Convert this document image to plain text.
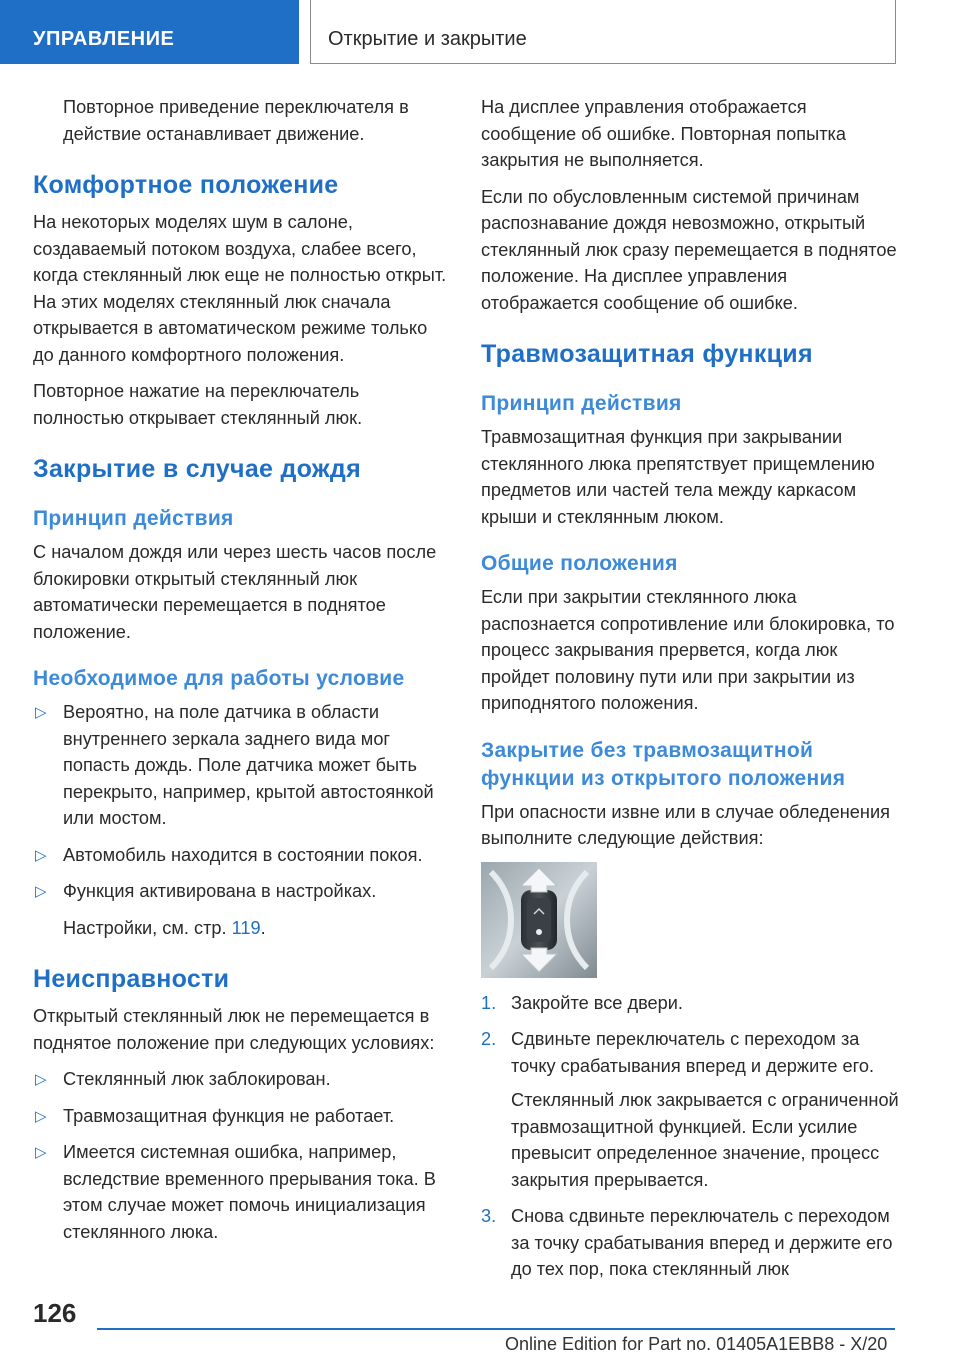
УПРАВЛЕНИЕ	Открытие и закрытие

Повторное приведение переключателя в действие останавливает движение.

Комфортное положение

На некоторых моделях шум в салоне, создаваемый потоком воздуха, слабее всего, когда стеклянный люк еще не полностью открыт. На этих моделях стеклянный люк сначала открывается в автоматическом режиме только до данного комфортного положения.

Повторное нажатие на переключатель полностью открывает стеклянный люк.

Закрытие в случае дождя
Принцип действия

С началом дождя или через шесть часов после блокировки открытый стеклянный люк автоматически перемещается в поднятое положение.

Необходимое для работы условие
▷ Вероятно, на поле датчика в области внутреннего зеркала заднего вида мог попасть дождь. Поле датчика может быть перекрыто, например, крытой автостоянкой или мостом.
▷ Автомобиль находится в состоянии покоя.
▷ Функция активирована в настройках.

Настройки, см. стр. 119.

Неисправности

Открытый стеклянный люк не перемещается в поднятое положение при следующих условиях:

▷ Стеклянный люк заблокирован.
▷ Травмозащитная функция не работает.
▷ Имеется системная ошибка, например, вследствие временного прерывания тока. В этом случае может помочь инициализация стеклянного люка.

На дисплее управления отображается сообщение об ошибке. Повторная попытка закрытия не выполняется.

Если по обусловленным системой причинам распознавание дождя невозможно, открытый стеклянный люк сразу перемещается в поднятое положение. На дисплее управления отображается сообщение об ошибке.

Травмозащитная функция
Принцип действия

Травмозащитная функция при закрывании стеклянного люка препятствует прищемлению предметов или частей тела между каркасом крыши и стеклянным люком.

Общие положения

Если при закрытии стеклянного люка распознается сопротивление или блокировка, то процесс закрывания прервется, когда люк пройдет половину пути или при закрытии из приподнятого положения.

Закрытие без травмозащитной функции из открытого положения

При опасности извне или в случае обледенения выполните следующие действия:

1. Закройте все двери.
2. Сдвиньте переключатель с переходом за точку срабатывания вперед и держите его.
Стеклянный люк закрывается с ограниченной травмозащитной функцией. Если усилие превысит определенное значение, процесс закрытия прерывается.
3. Снова сдвиньте переключатель с переходом за точку срабатывания вперед и держите его до тех пор, пока стеклянный люк
126
Online Edition for Part no. 01405A1EBB8 - X/20
